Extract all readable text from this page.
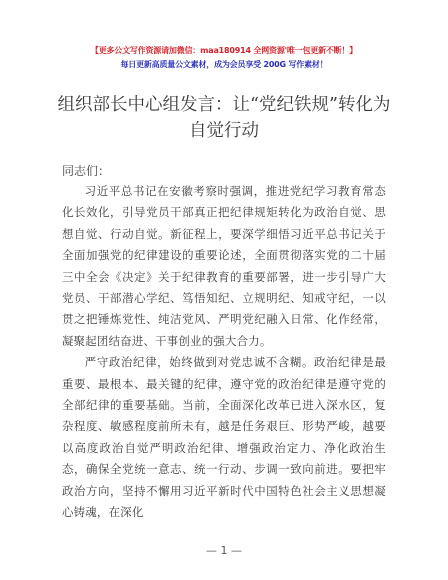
【更多公文写作资源请加微信：maa180914 全网资源'唯一包更新不断！】
每日更新高质量公文素材，成为会员享受 200G 写作素材！
组织部长中心组发言：让“党纪铁规”转化为自觉行动

同志们：

习近平总书记在安徽考察时强调，推进党纪学习教育常态化长效化，引导党员干部真正把纪律规矩转化为政治自觉、思想自觉、行动自觉。新征程上，要深学细悟习近平总书记关于全面加强党的纪律建设的重要论述，全面贯彻落实党的二十届三中全会《决定》关于纪律教育的重要部署，进一步引导广大党员、干部潜心学纪、笃悟知纪、立规明纪、知戒守纪，一以贯之把锤炼党性、纯洁党风、严明党纪融入日常、化作经常，凝聚起团结奋进、干事创业的强大合力。

严守政治纪律，始终做到对党忠诚不含糊。政治纪律是最重要、最根本、最关键的纪律，遵守党的政治纪律是遵守党的全部纪律的重要基础。当前，全面深化改革已进入深水区，复杂程度、敏感程度前所未有，越是任务艰巨、形势严峻，越要以高度政治自觉严明政治纪律、增强政治定力、净化政治生态，确保全党统一意志、统一行动、步调一致向前进。要把牢政治方向，坚持不懈用习近平新时代中国特色社会主义思想凝心铸魂，在深化

— 1 —
